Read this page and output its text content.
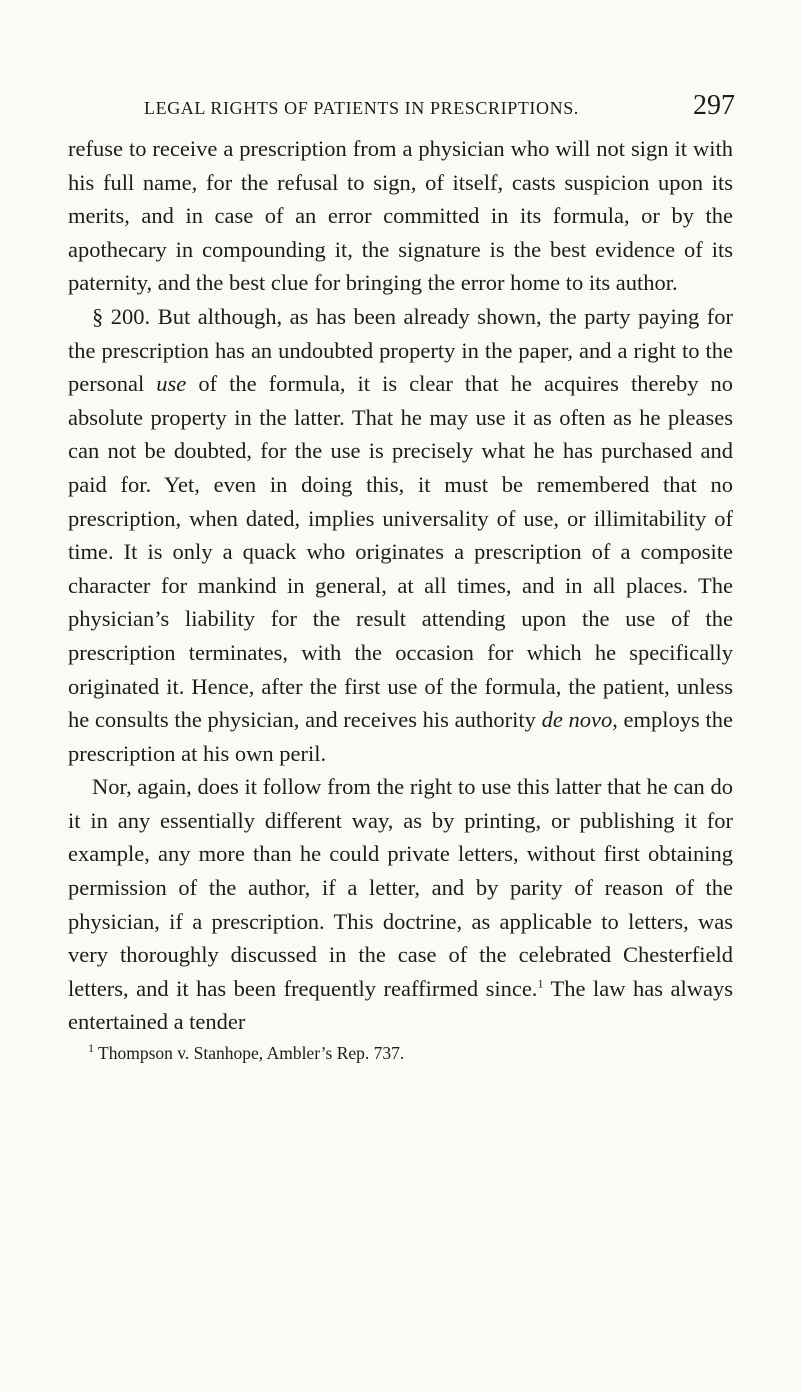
LEGAL RIGHTS OF PATIENTS IN PRESCRIPTIONS.	297

refuse to receive a prescription from a physician who will not sign it with his full name, for the refusal to sign, of itself, casts suspicion upon its merits, and in case of an error committed in its formula, or by the apothecary in compounding it, the signature is the best evidence of its paternity, and the best clue for bringing the error home to its author.

§ 200. But although, as has been already shown, the party paying for the prescription has an undoubted property in the paper, and a right to the personal use of the formula, it is clear that he acquires thereby no absolute property in the latter. That he may use it as often as he pleases can not be doubted, for the use is precisely what he has purchased and paid for. Yet, even in doing this, it must be remembered that no prescription, when dated, implies universality of use, or illimitability of time. It is only a quack who originates a prescription of a composite character for mankind in general, at all times, and in all places. The physician’s liability for the result attending upon the use of the prescription terminates, with the occasion for which he specifically originated it. Hence, after the first use of the formula, the patient, unless he consults the physician, and receives his authority de novo, employs the prescription at his own peril.

Nor, again, does it follow from the right to use this latter that he can do it in any essentially different way, as by printing, or publishing it for example, any more than he could private letters, without first obtaining permission of the author, if a letter, and by parity of reason of the physician, if a prescription. This doctrine, as applicable to letters, was very thoroughly discussed in the case of the celebrated Chesterfield letters, and it has been frequently reaffirmed since.$^1$ The law has always entertained a tender

$^1$ Thompson v. Stanhope, Ambler’s Rep. 737.
